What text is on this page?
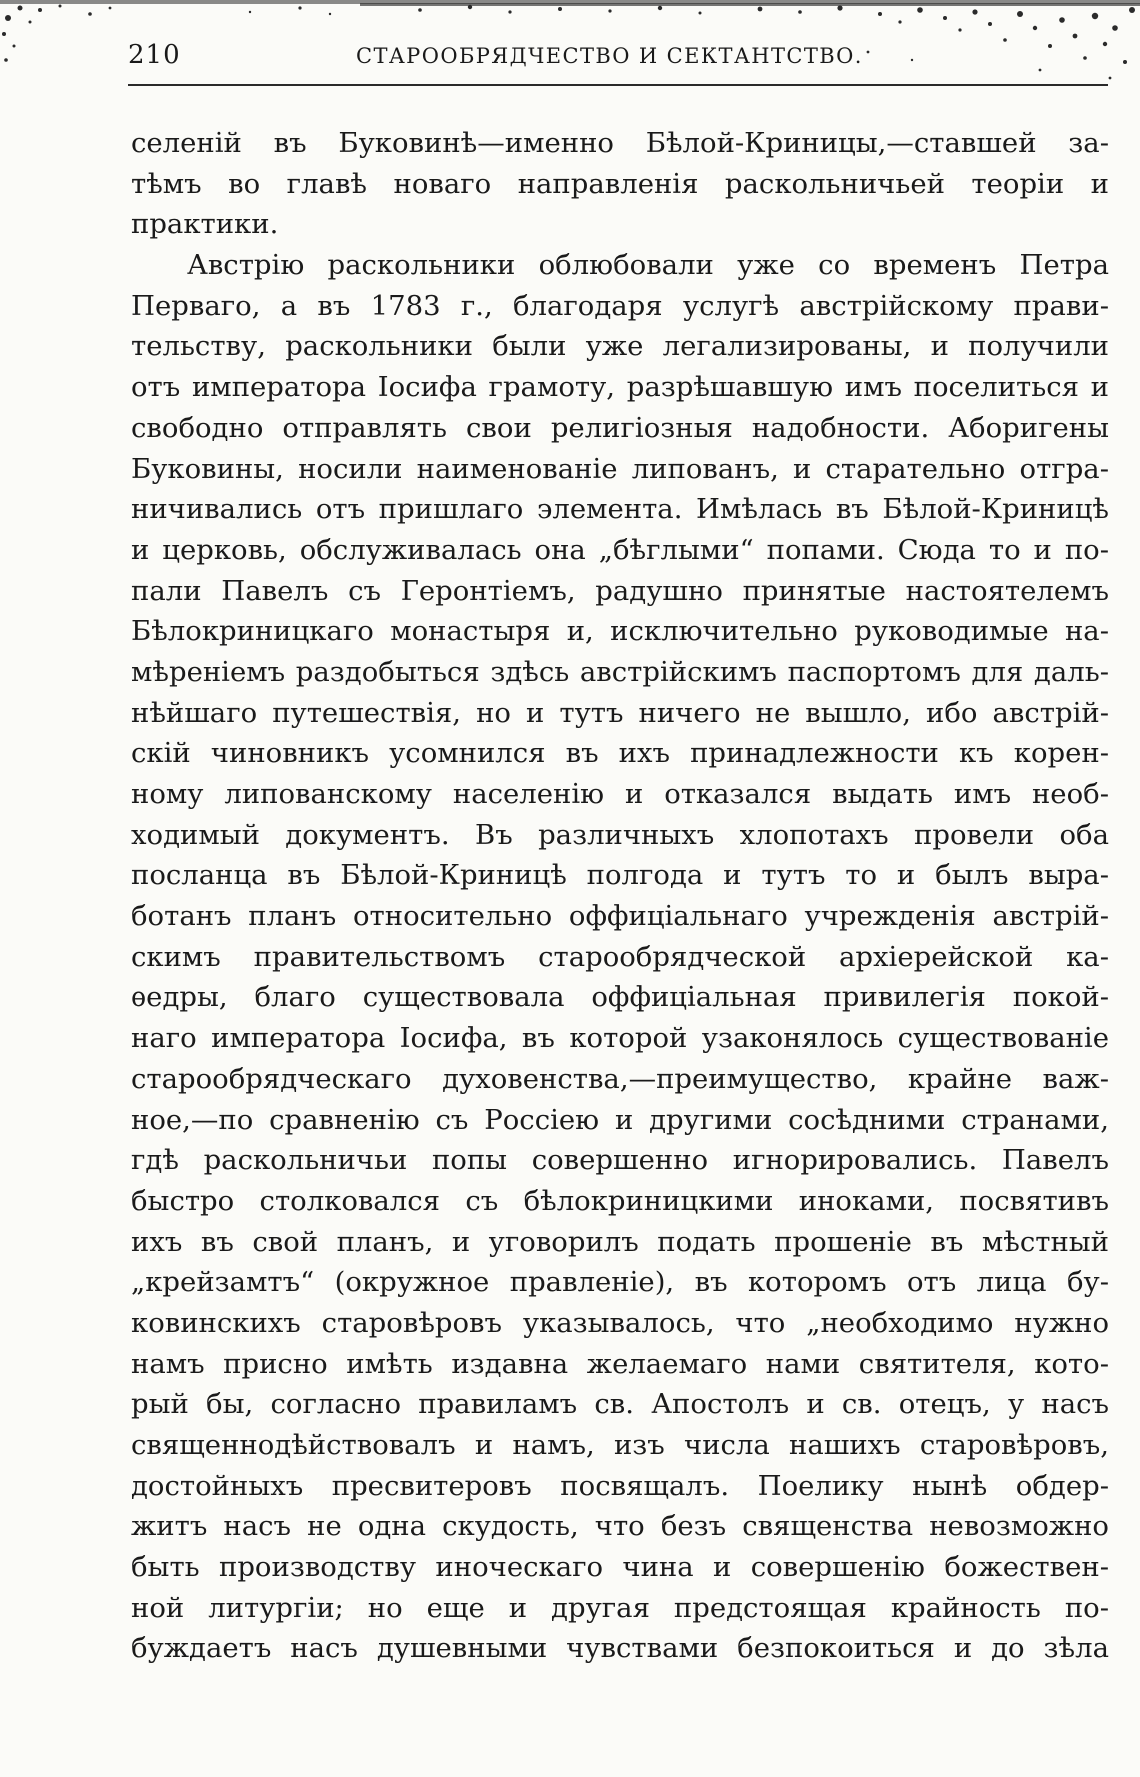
210	СТАРООБРЯДЧЕСТВО И СЕКТАНТСТВО.
селеній въ Буковинѣ—именно Бѣлой-Криницы,—ставшей за-
тѣмъ во главѣ новаго направленія раскольничьей теоріи и
практики.
Австрію раскольники облюбовали уже со временъ Петра
Перваго, а въ 1783 г., благодаря услугѣ австрійскому прави-
тельству, раскольники были уже легализированы, и получили
отъ императора Іосифа грамоту, разрѣшавшую имъ поселиться и
свободно отправлять свои религіозныя надобности. Аборигены
Буковины, носили наименованіе липованъ, и старательно отгра-
ничивались отъ пришлаго элемента. Имѣлась въ Бѣлой-Криницѣ
и церковь, обслуживалась она „бѣглыми“ попами. Сюда то и по-
пали Павелъ съ Геронтіемъ, радушно принятые настоятелемъ
Бѣлокриницкаго монастыря и, исключительно руководимые на-
мѣреніемъ раздобыться здѣсь австрійскимъ паспортомъ для даль-
нѣйшаго путешествія, но и тутъ ничего не вышло, ибо австрій-
скій чиновникъ усомнился въ ихъ принадлежности къ корен-
ному липованскому населенію и отказался выдать имъ необ-
ходимый документъ. Въ различныхъ хлопотахъ провели оба
посланца въ Бѣлой-Криницѣ полгода и тутъ то и былъ выра-
ботанъ планъ относительно оффиціальнаго учрежденія австрій-
скимъ правительствомъ старообрядческой архіерейской ка-
ѳедры, благо существовала оффиціальная привилегія покой-
наго императора Іосифа, въ которой узаконялось существованіе
старообрядческаго духовенства,—преимущество, крайне важ-
ное,—по сравненію съ Россіею и другими сосѣдними странами,
гдѣ раскольничьи попы совершенно игнорировались. Павелъ
быстро столковался съ бѣлокриницкими иноками, посвятивъ
ихъ въ свой планъ, и уговорилъ подать прошеніе въ мѣстный
„крейзамтъ“ (окружное правленіе), въ которомъ отъ лица бу-
ковинскихъ старовѣровъ указывалось, что „необходимо нужно
намъ присно имѣть издавна желаемаго нами святителя, кото-
рый бы, согласно правиламъ св. Апостолъ и св. отецъ, у насъ
священнодѣйствовалъ и намъ, изъ числа нашихъ старовѣровъ,
достойныхъ пресвитеровъ посвящалъ. Поелику нынѣ обдер-
житъ насъ не одна скудость, что безъ священства невозможно
быть производству иноческаго чина и совершенію божествен-
ной литургіи; но еще и другая предстоящая крайность по-
буждаетъ насъ душевными чувствами безпокоиться и до зѣла
